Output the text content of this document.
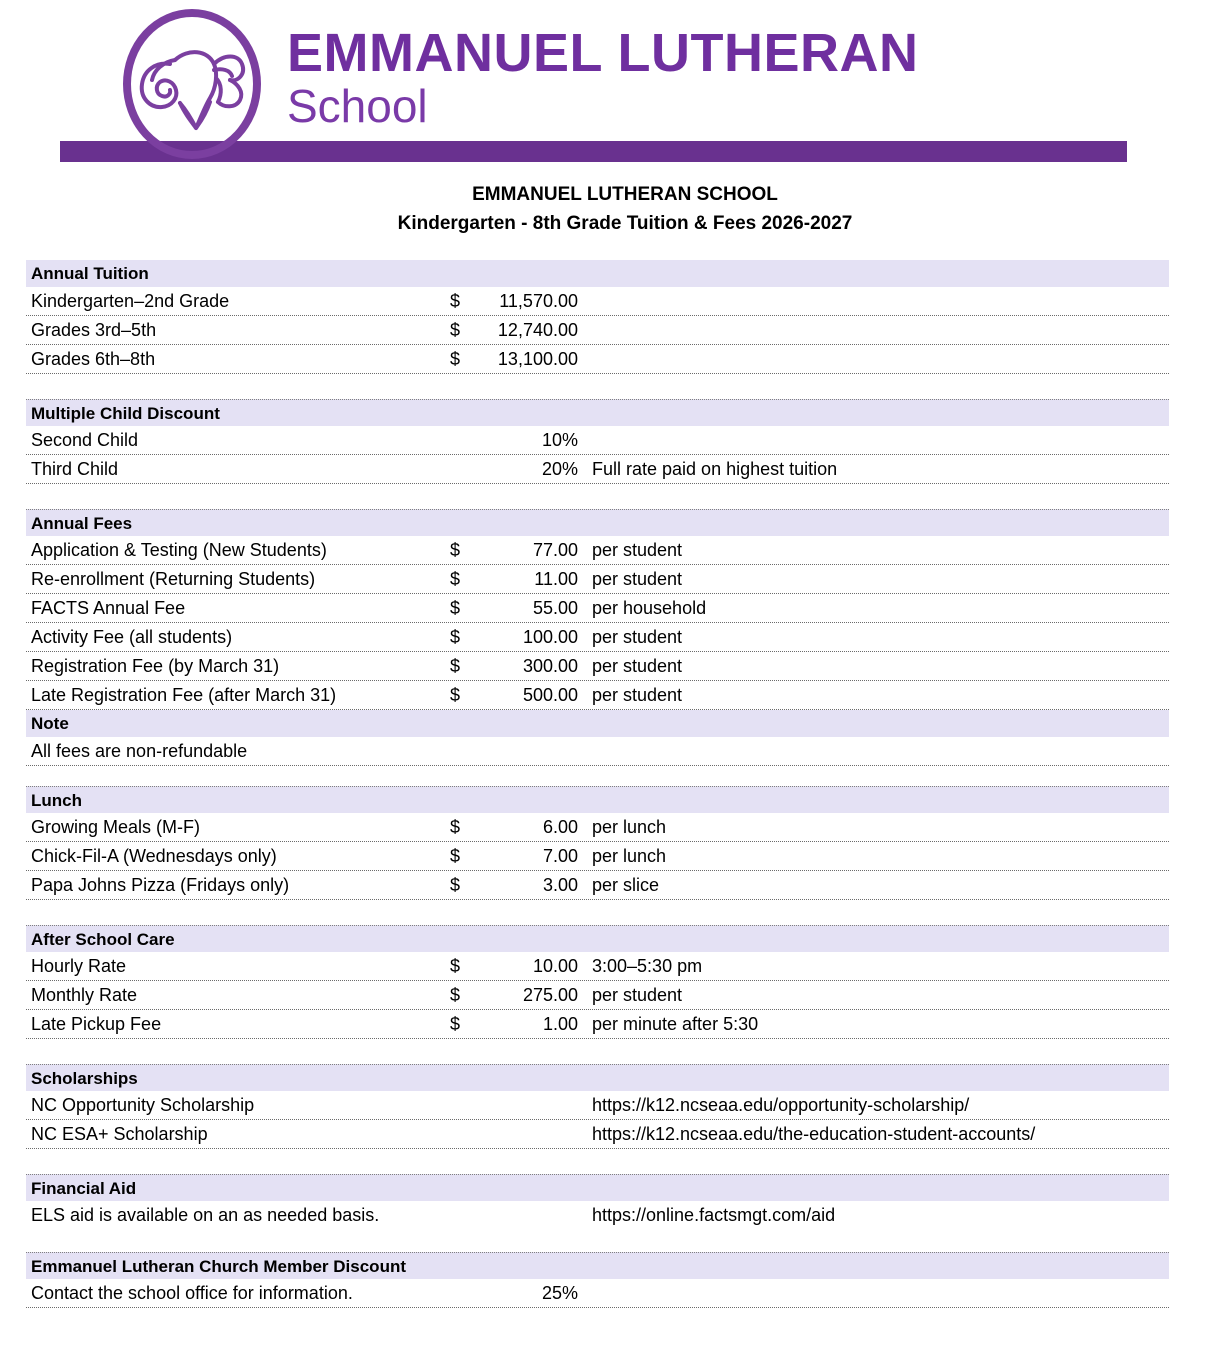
EMMANUEL LUTHERAN
School
EMMANUEL LUTHERAN SCHOOL
Kindergarten - 8th Grade Tuition & Fees 2026-2027
Annual Tuition
Kindergarten–2nd Grade	$	11,570.00
Grades 3rd–5th	$	12,740.00
Grades 6th–8th	$	13,100.00
Multiple Child Discount
Second Child	10%
Third Child	20% Full rate paid on highest tuition
Annual Fees
Application & Testing (New Students)	$	77.00 per student
Re-enrollment (Returning Students)	$	11.00 per student
FACTS Annual Fee	$	55.00 per household
Activity Fee (all students)	$	100.00 per student
Registration Fee (by March 31)	$	300.00 per student
Late Registration Fee (after March 31)	$	500.00 per student
Note
All fees are non-refundable
Lunch
Growing Meals (M-F)	$	6.00 per lunch
Chick-Fil-A (Wednesdays only)	$	7.00 per lunch
Papa Johns Pizza (Fridays only)	$	3.00 per slice
After School Care
Hourly Rate	$	10.00 3:00–5:30 pm
Monthly Rate	$	275.00 per student
Late Pickup Fee	$	1.00 per minute after 5:30
Scholarships
NC Opportunity Scholarship	https://k12.ncseaa.edu/opportunity-scholarship/
NC ESA+ Scholarship	https://k12.ncseaa.edu/the-education-student-accounts/
Financial Aid
ELS aid is available on an as needed basis.	https://online.factsmgt.com/aid
Emmanuel Lutheran Church Member Discount
Contact the school office for information.	25%
